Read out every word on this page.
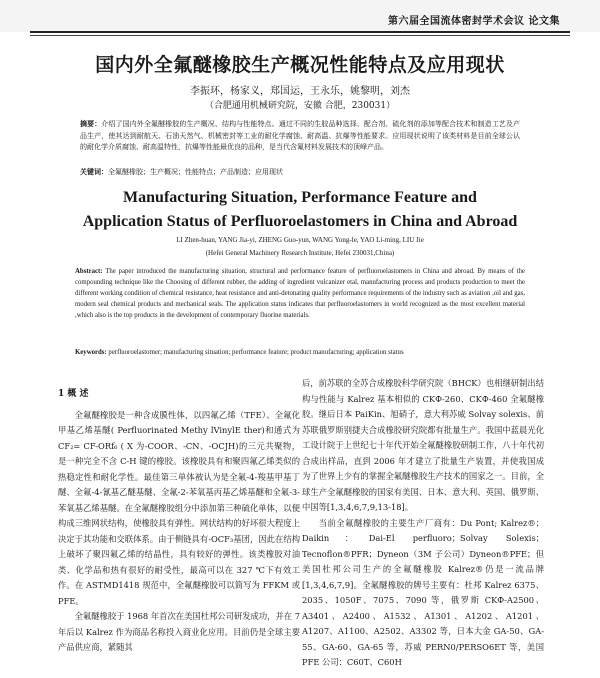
第六届全国流体密封学术会议 论文集
国内外全氟醚橡胶生产概况性能特点及应用现状
李振环，杨家义，郑国运，王永乐，姚黎明，刘杰
（合肥通用机械研究院，安徽 合肥，230031）
摘要：介绍了国内外全氟醚橡胶的生产概况、结构与性能特点。通过不同的生胶品种选择、配合剂、硫化剂的添加等配合技术和制造工艺及产品生产，使其达到耐航天、石油天然气、机械密封等工业的耐化学腐蚀、耐高温、抗爆等性能要求。应用现状说明了该类材料是目前全球公认的耐化学介质腐蚀、耐高温特性，抗爆等性能最优良的品种，是当代含氟材料发展技术的顶峰产品。
关键词：全氟醚橡胶；生产概况；性能特点；产品制造；应用现状
Manufacturing Situation, Performance Feature and
Application Status of Perfluoroelastomers in China and Abroad
LI Zhen-huan, YANG Jia-yi, ZHENG Guo-yun, WANG Yong-le, YAO Li-ming, LIU Jie
(Hefei General Machinery Research Institute, Hefei 230031,China)
Abstract: The paper introduced the manufacturing situation, structural and performance feature of perfluoroelastomers in China and abroad. By means of the compounding technique like the Choosing of different rubber, the adding of ingredient vulcanizer etal, manufacturing process and products production to meet the different working condition of chemical resistance, heat resistance and anti-detonating quality performance requirements of the industry such as aviation ,oil and gas, modern seal chemical products and mechanical seals. The application status indicates that perfluoroelastomers in world recognized as the most excellent material ,which also is the top products in the development of contemporary fluorine materials.
Keywords: perfluoroelastomer; manufacturing situation; performance feature; product manufacturing; application status
1 概 述

全氟醚橡胶是一种含成膜性体，以四氟乙烯（TFE）、全氟化甲基乙烯基醚( Perfluorinated Methy lVinylE ther)和通式为 CF₂= CF-ORf₆ ( X 为-COOR、-CN、-OCJH)的三元共聚物，是一种完全不含 C-H 键的橡胶。该橡胶具有和聚四氟乙烯类似的热稳定性和耐化学性。最佳第三单体被认为是全氟-4-羧基甲基丁醚、全氟-4-氰基乙醚基醚、全氟-2-苯氧基丙基乙烯基醚和全氟-3-苯氧基乙烯基醚。在全氟醚橡胶组分中添加第三种硫化单体，以便构成三维网状结构，使橡胶具有弹性。网状结构的好坏很大程度上决定于其功能和交联体系。由于侧链具有-OCF₃基团，因此在结构上破坏了聚四氟乙烯的结晶性，具有较好的弹性。该类橡胶对油类、化学品和热有很好的耐受性，最高可以在 327 ℃下有效工作。在 ASTMD1418 规范中，全氟醚橡胶可以简写为 FFKM 或 PFE。

全氟醚橡胶于 1968 年首次在美国杜邦公司研发成功，并在 7 年后以 Kalrez 作为商品名称投入商业化应用。目前仍是全球主要产品供应商，紧随其

后，前苏联的全苏合成橡胶科学研究院（BHCK）也相继研制出结构与性能与 Kalrez 基本相似的 CKФ-260、CKФ-460 全氟醚橡胶。继后日本 PaiKin、旭硝子，意大利苏威 Solvay solexis、前苏联俄罗斯别捷夫合成橡胶研究院都有批量生产。我国中蓝晨光化工设计院于上世纪七十年代开始全氟醚橡胶研制工作，八十年代初合成出样品，直到 2006 年才建立了批量生产装置，并使我国成为了世界上少有的掌握全氟醚橡胶生产技术的国家之一。目前，全球生产全氟醚橡胶的国家有美国、日本、意大利、英国、俄罗斯、中国等[1,3,4,6,7,9,13-18]。

当前全氟醚橡胶的主要生产厂商有：Du Pont; Kalrez®；Daikin：Dai-El perfluoro；Solvay Solexis；Tecnoflon®PFR；Dyneon（3M 子公司）Dyneon®PFE；但美国杜邦公司生产的全氟醚橡胶 Kalrez®仍是一流品牌[1,3,4,6,7,9]。全氟醚橡胶的牌号主要有：杜邦 Kalrez 6375、2035、1050F、7075、7090 等，俄罗斯 CKФ-A2500、A3401、A2400、A1532、A1301、A1202、A1201、A1207、A1100、A2502、A3302 等，日本大金 GA-50、GA-55、GA-60、GA-65 等，苏威 PERN0/PERSO6ET 等，美国 PFE 公司：C60T、C60H
